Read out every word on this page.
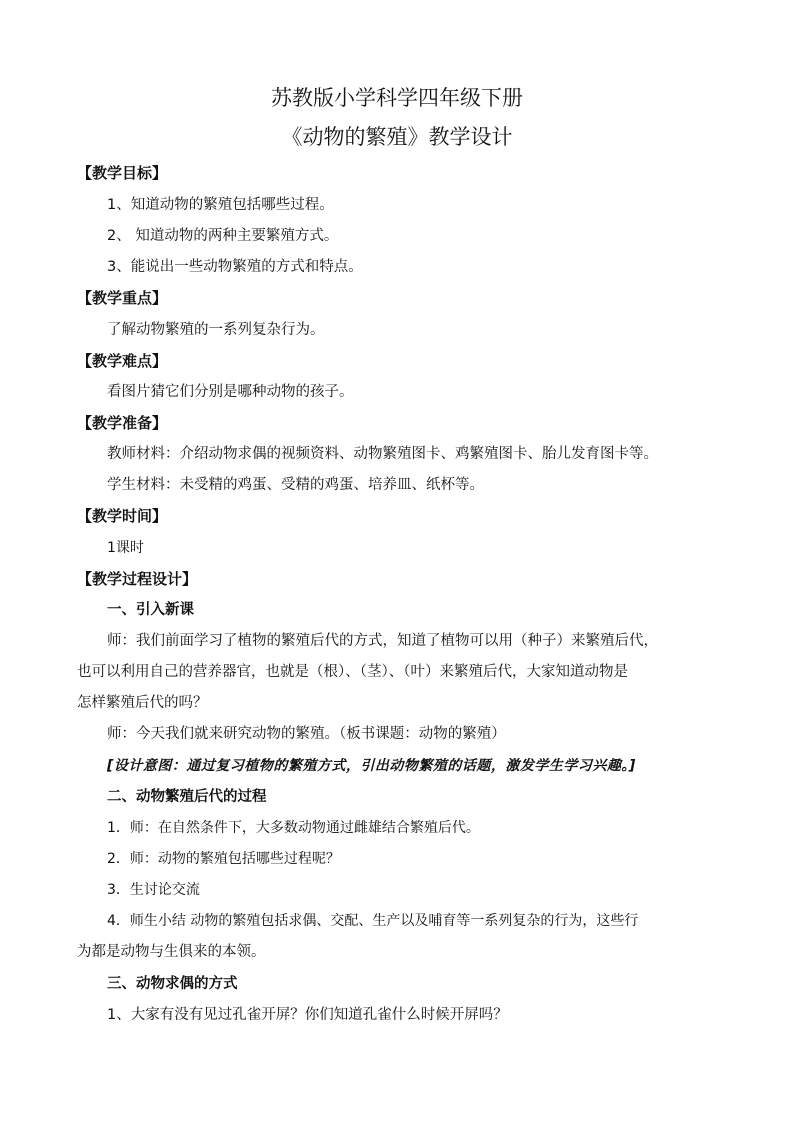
苏教版小学科学四年级下册
《动物的繁殖》教学设计
【教学目标】
1、知道动物的繁殖包括哪些过程。
2、 知道动物的两种主要繁殖方式。
3、能说出一些动物繁殖的方式和特点。
【教学重点】
了解动物繁殖的一系列复杂行为。
【教学难点】
看图片猜它们分别是哪种动物的孩子。
【教学准备】
教师材料：介绍动物求偶的视频资料、动物繁殖图卡、鸡繁殖图卡、胎儿发育图卡等。
学生材料：未受精的鸡蛋、受精的鸡蛋、培养皿、纸杯等。
【教学时间】
1课时
【教学过程设计】
一、引入新课
师：我们前面学习了植物的繁殖后代的方式，知道了植物可以用（种子）来繁殖后代，
也可以利用自己的营养器官，也就是（根）、（茎）、（叶）来繁殖后代，大家知道动物是
怎样繁殖后代的吗？
师：今天我们就来研究动物的繁殖。（板书课题：动物的繁殖）
[设计意图：通过复习植物的繁殖方式，引出动物繁殖的话题，激发学生学习兴趣。]
二、动物繁殖后代的过程
1．师：在自然条件下，大多数动物通过雌雄结合繁殖后代。
2．师：动物的繁殖包括哪些过程呢？
3．生讨论交流
4．师生小结 动物的繁殖包括求偶、交配、生产以及哺育等一系列复杂的行为，这些行
为都是动物与生俱来的本领。
三、动物求偶的方式
1、大家有没有见过孔雀开屏？你们知道孔雀什么时候开屏吗？
